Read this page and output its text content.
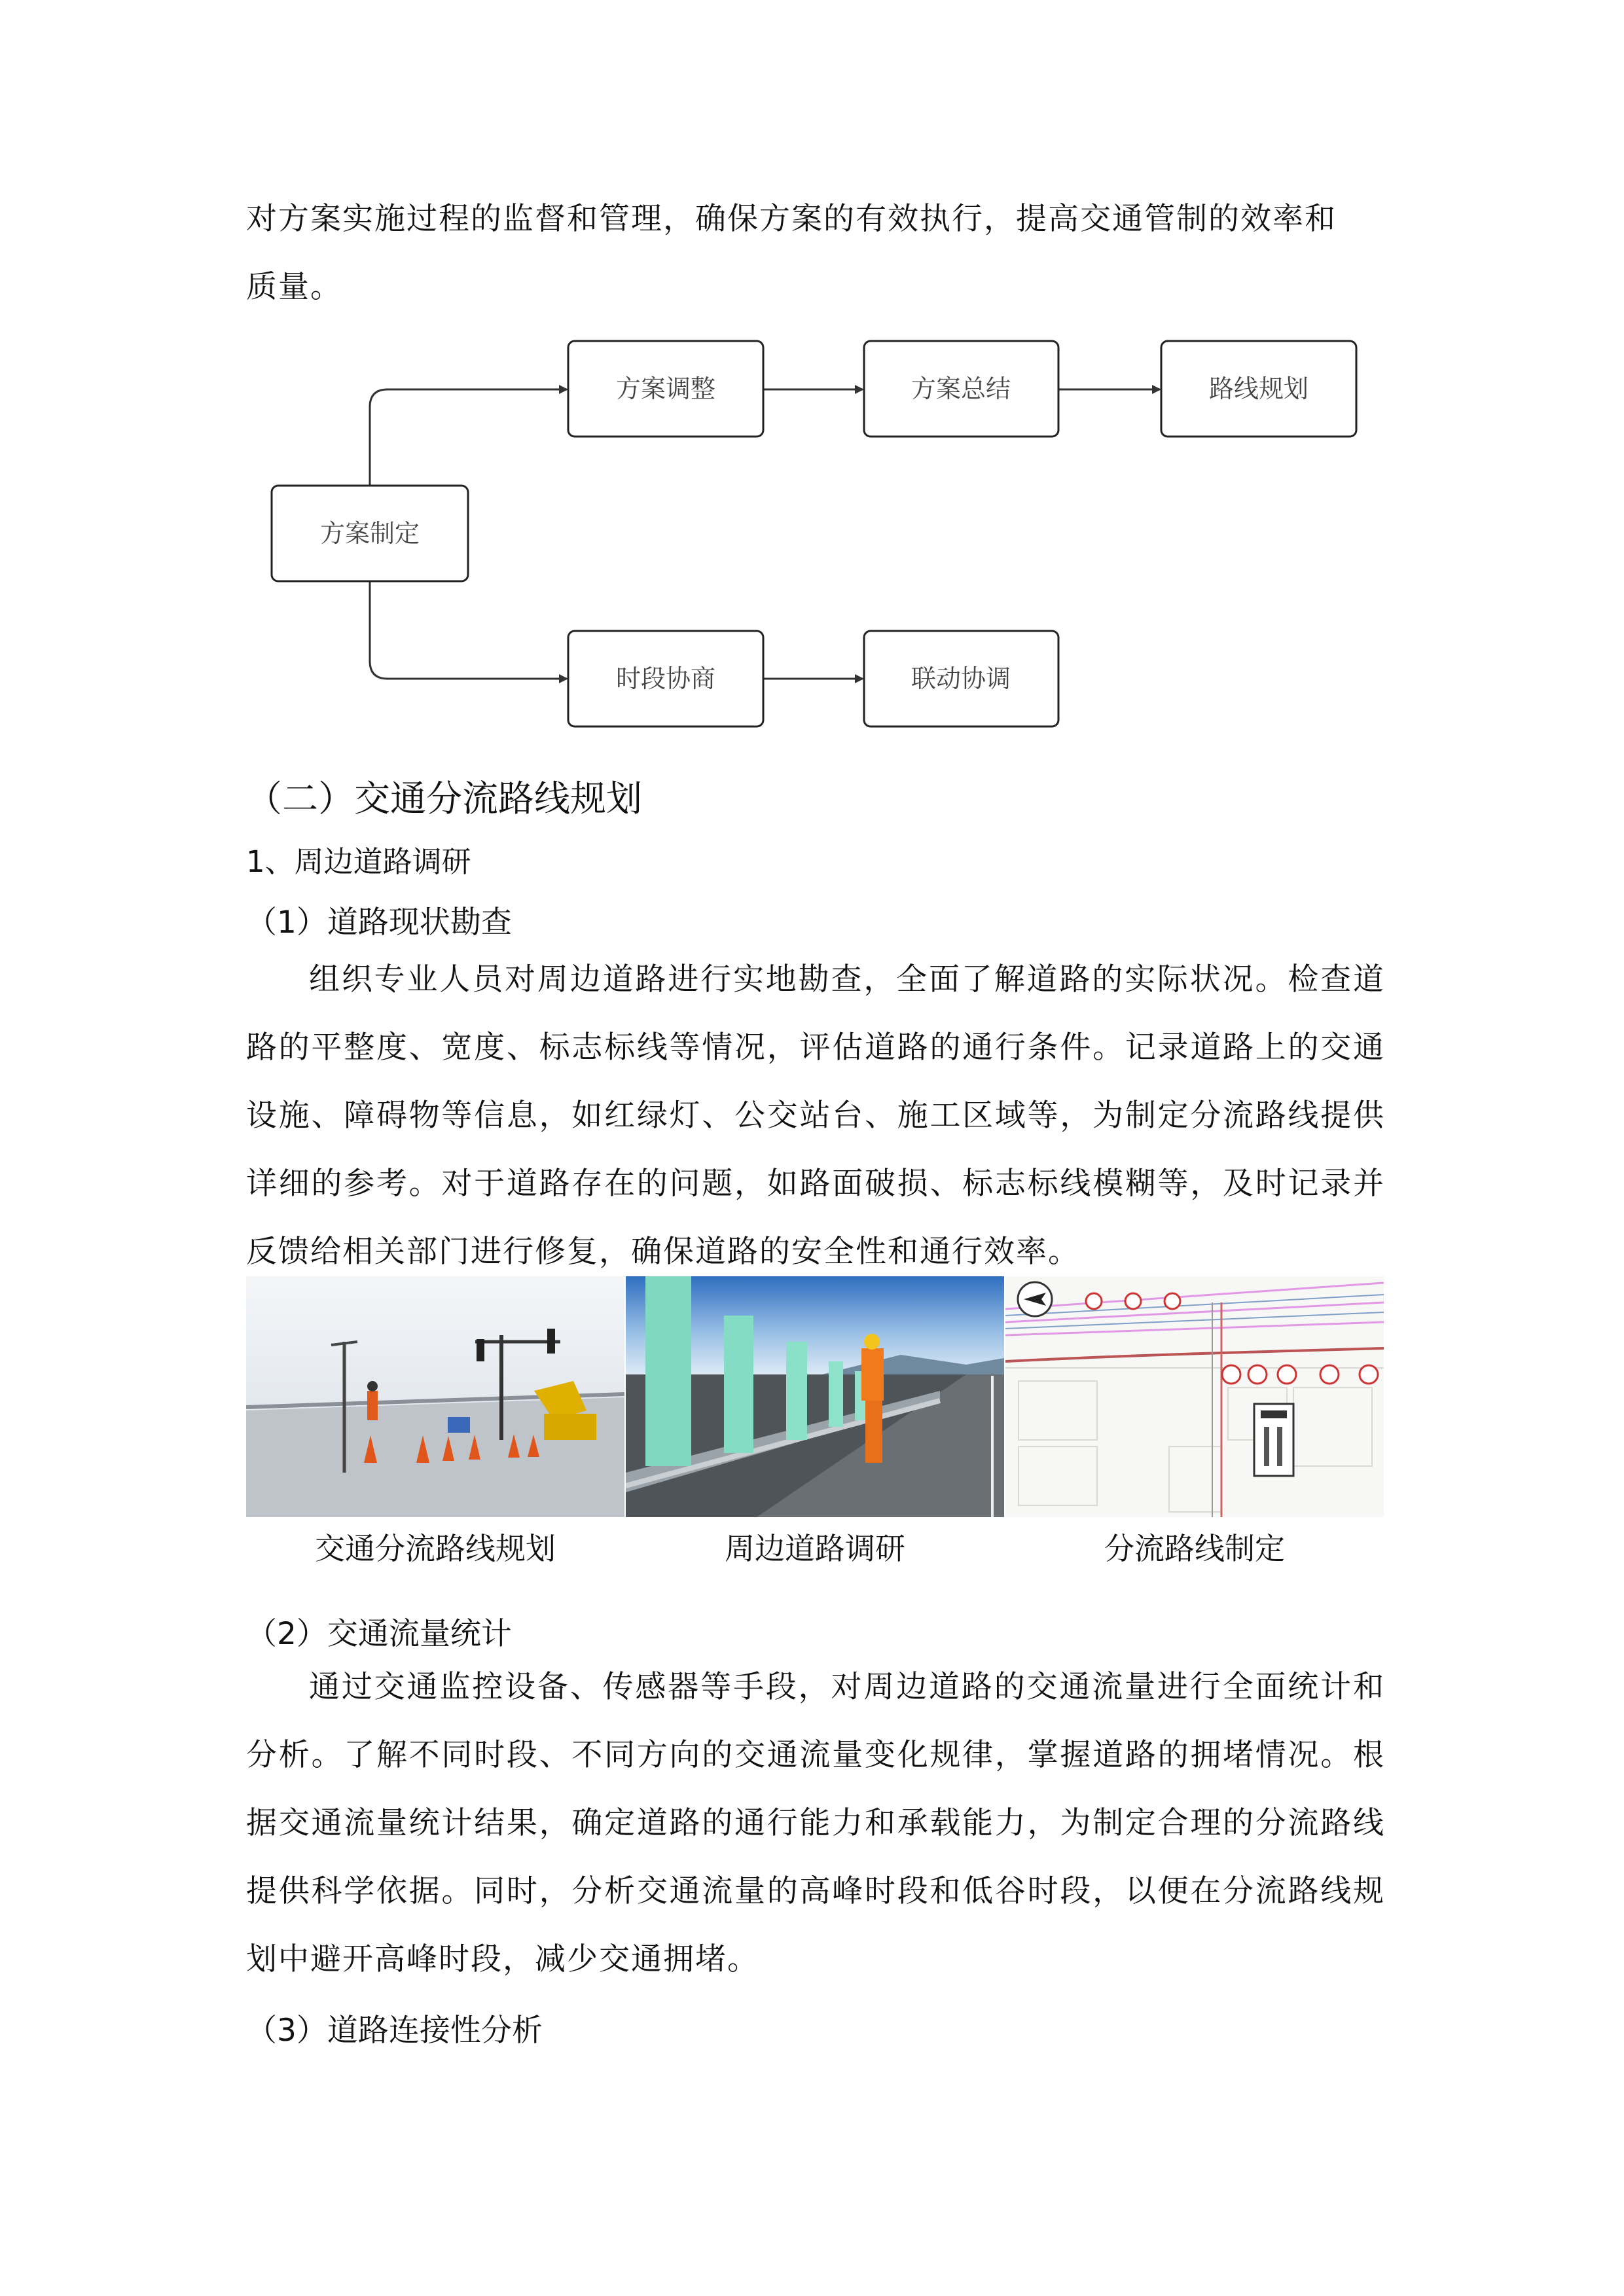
对方案实施过程的监督和管理，确保方案的有效执行，提高交通管制的效率和
质量。
方案制定
方案调整	方案总结	路线规划
时段协商	联动协调
（二）交通分流路线规划
1、周边道路调研
（1）道路现状勘查

组织专业人员对周边道路进行实地勘查，全面了解道路的实际状况。检查道路的平整度、宽度、标志标线等情况，评估道路的通行条件。记录道路上的交通设施、障碍物等信息，如红绿灯、公交站台、施工区域等，为制定分流路线提供详细的参考。对于道路存在的问题，如路面破损、标志标线模糊等，及时记录并反馈给相关部门进行修复，确保道路的安全性和通行效率。

交通分流路线规划	周边道路调研	分流路线制定
（2）交通流量统计

通过交通监控设备、传感器等手段，对周边道路的交通流量进行全面统计和分析。了解不同时段、不同方向的交通流量变化规律，掌握道路的拥堵情况。根据交通流量统计结果，确定道路的通行能力和承载能力，为制定合理的分流路线提供科学依据。同时，分析交通流量的高峰时段和低谷时段，以便在分流路线规划中避开高峰时段，减少交通拥堵。

（3）道路连接性分析
